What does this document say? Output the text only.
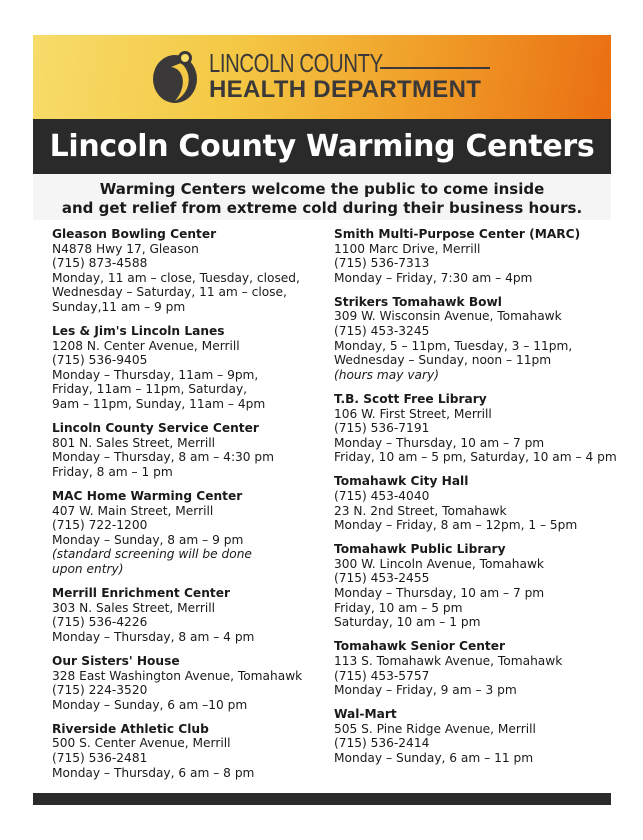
LINCOLN COUNTY
HEALTH DEPARTMENT
Lincoln County Warming Centers
Warming Centers welcome the public to come inside
and get relief from extreme cold during their business hours.
Gleason Bowling Center
N4878 Hwy 17, Gleason
(715) 873-4588
Monday, 11 am – close, Tuesday, closed,
Wednesday – Saturday, 11 am – close,
Sunday,11 am – 9 pm
Les & Jim's Lincoln Lanes
1208 N. Center Avenue, Merrill
(715) 536-9405
Monday – Thursday, 11am – 9pm,
Friday, 11am – 11pm, Saturday,
9am – 11pm, Sunday, 11am – 4pm
Lincoln County Service Center
801 N. Sales Street, Merrill
Monday – Thursday, 8 am – 4:30 pm
Friday, 8 am – 1 pm
MAC Home Warming Center
407 W. Main Street, Merrill
(715) 722-1200
Monday – Sunday, 8 am – 9 pm
(standard screening will be done
upon entry)
Merrill Enrichment Center
303 N. Sales Street, Merrill
(715) 536-4226
Monday – Thursday, 8 am – 4 pm
Our Sisters' House
328 East Washington Avenue, Tomahawk
(715) 224-3520
Monday – Sunday, 6 am –10 pm
Riverside Athletic Club
500 S. Center Avenue, Merrill
(715) 536-2481
Monday – Thursday, 6 am – 8 pm
Smith Multi-Purpose Center (MARC)
1100 Marc Drive, Merrill
(715) 536-7313
Monday – Friday, 7:30 am – 4pm
Strikers Tomahawk Bowl
309 W. Wisconsin Avenue, Tomahawk
(715) 453-3245
Monday, 5 – 11pm, Tuesday, 3 – 11pm,
Wednesday – Sunday, noon – 11pm
(hours may vary)
T.B. Scott Free Library
106 W. First Street, Merrill
(715) 536-7191
Monday – Thursday, 10 am – 7 pm
Friday, 10 am – 5 pm, Saturday, 10 am – 4 pm
Tomahawk City Hall
(715) 453-4040
23 N. 2nd Street, Tomahawk
Monday – Friday, 8 am – 12pm, 1 – 5pm
Tomahawk Public Library
300 W. Lincoln Avenue, Tomahawk
(715) 453-2455
Monday – Thursday, 10 am – 7 pm
Friday, 10 am – 5 pm
Saturday, 10 am – 1 pm
Tomahawk Senior Center
113 S. Tomahawk Avenue, Tomahawk
(715) 453-5757
Monday – Friday, 9 am – 3 pm
Wal-Mart
505 S. Pine Ridge Avenue, Merrill
(715) 536-2414
Monday – Sunday, 6 am – 11 pm
